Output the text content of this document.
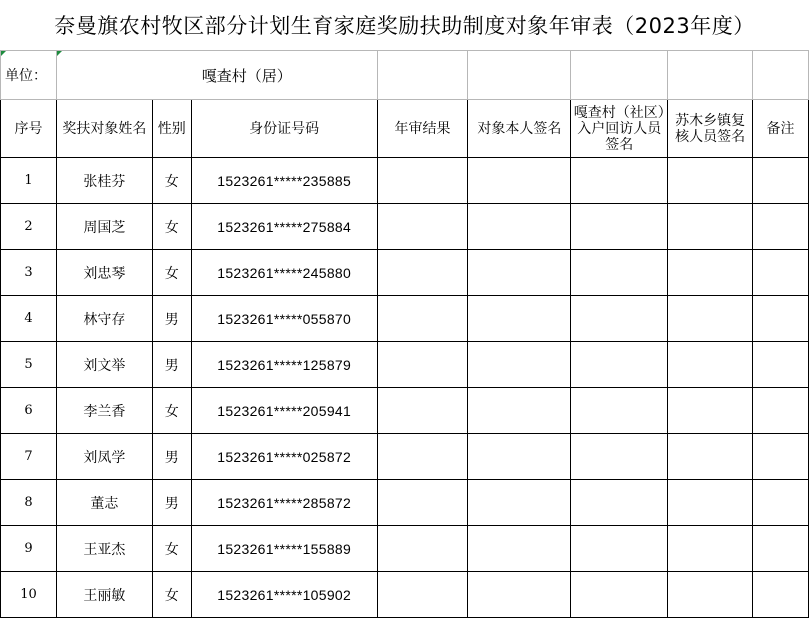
奈曼旗农村牧区部分计划生育家庭奖励扶助制度对象年审表（2023年度）
单位：	嘎查村（居）							
序号	奖扶对象姓名	性别	身份证号码	年审结果	对象本人签名	嘎查村（社区）入户回访人员签名	苏木乡镇复核人员签名	备注
1	张桂芬	女	1523261*****235885					
2	周国芝	女	1523261*****275884					
3	刘忠琴	女	1523261*****245880					
4	林守存	男	1523261*****055870					
5	刘文举	男	1523261*****125879					
6	李兰香	女	1523261*****205941					
7	刘凤学	男	1523261*****025872					
8	董志	男	1523261*****285872					
9	王亚杰	女	1523261*****155889					
10	王丽敏	女	1523261*****105902					
